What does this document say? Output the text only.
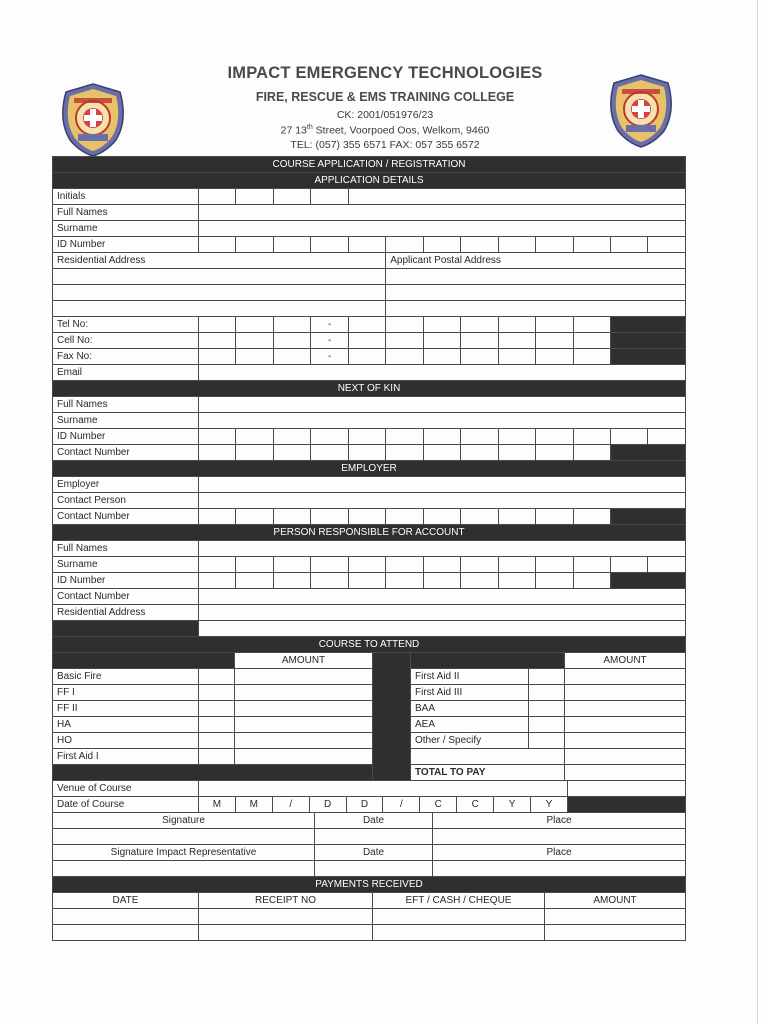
IMPACT EMERGENCY TECHNOLOGIES
FIRE, RESCUE & EMS TRAINING COLLEGE
CK: 2001/051976/23
27 13th Street, Voorpoed Oos, Welkom, 9460
TEL: (057) 355 6571 FAX: 057 355 6572
COURSE APPLICATION / REGISTRATION													
APPLICATION DETAILS													
Initials													
Full Names													
Surname													
ID Number													
Residential Address						Applicant Postal Address							

Tel No:				-									
Cell No:				-									
Fax No:				-									
Email													
NEXT OF KIN													
Full Names													
Surname													
ID Number													
Contact Number													
EMPLOYER												
Employer												
Contact Person												
Contact Number												
PERSON RESPONSIBLE FOR ACCOUNT													
Full Names													
Surname													
ID Number													
Contact Number													
Residential Address													

COURSE TO ATTEND						
		AMOUNT				AMOUNT
Basic Fire				First Aid II		
FF I				First Aid III		
FF II				BAA		
HA				AEA		
HO				Other / Specify		
First Aid I						
				TOTAL TO PAY		
Venue of Course											
Date of Course	M	M	/	D	D	/	C	C	Y	Y	
Signature	Date	Place

Signature Impact Representative	Date	Place

PAYMENTS RECEIVED			
DATE	RECEIPT NO	EFT / CASH / CHEQUE	AMOUNT
